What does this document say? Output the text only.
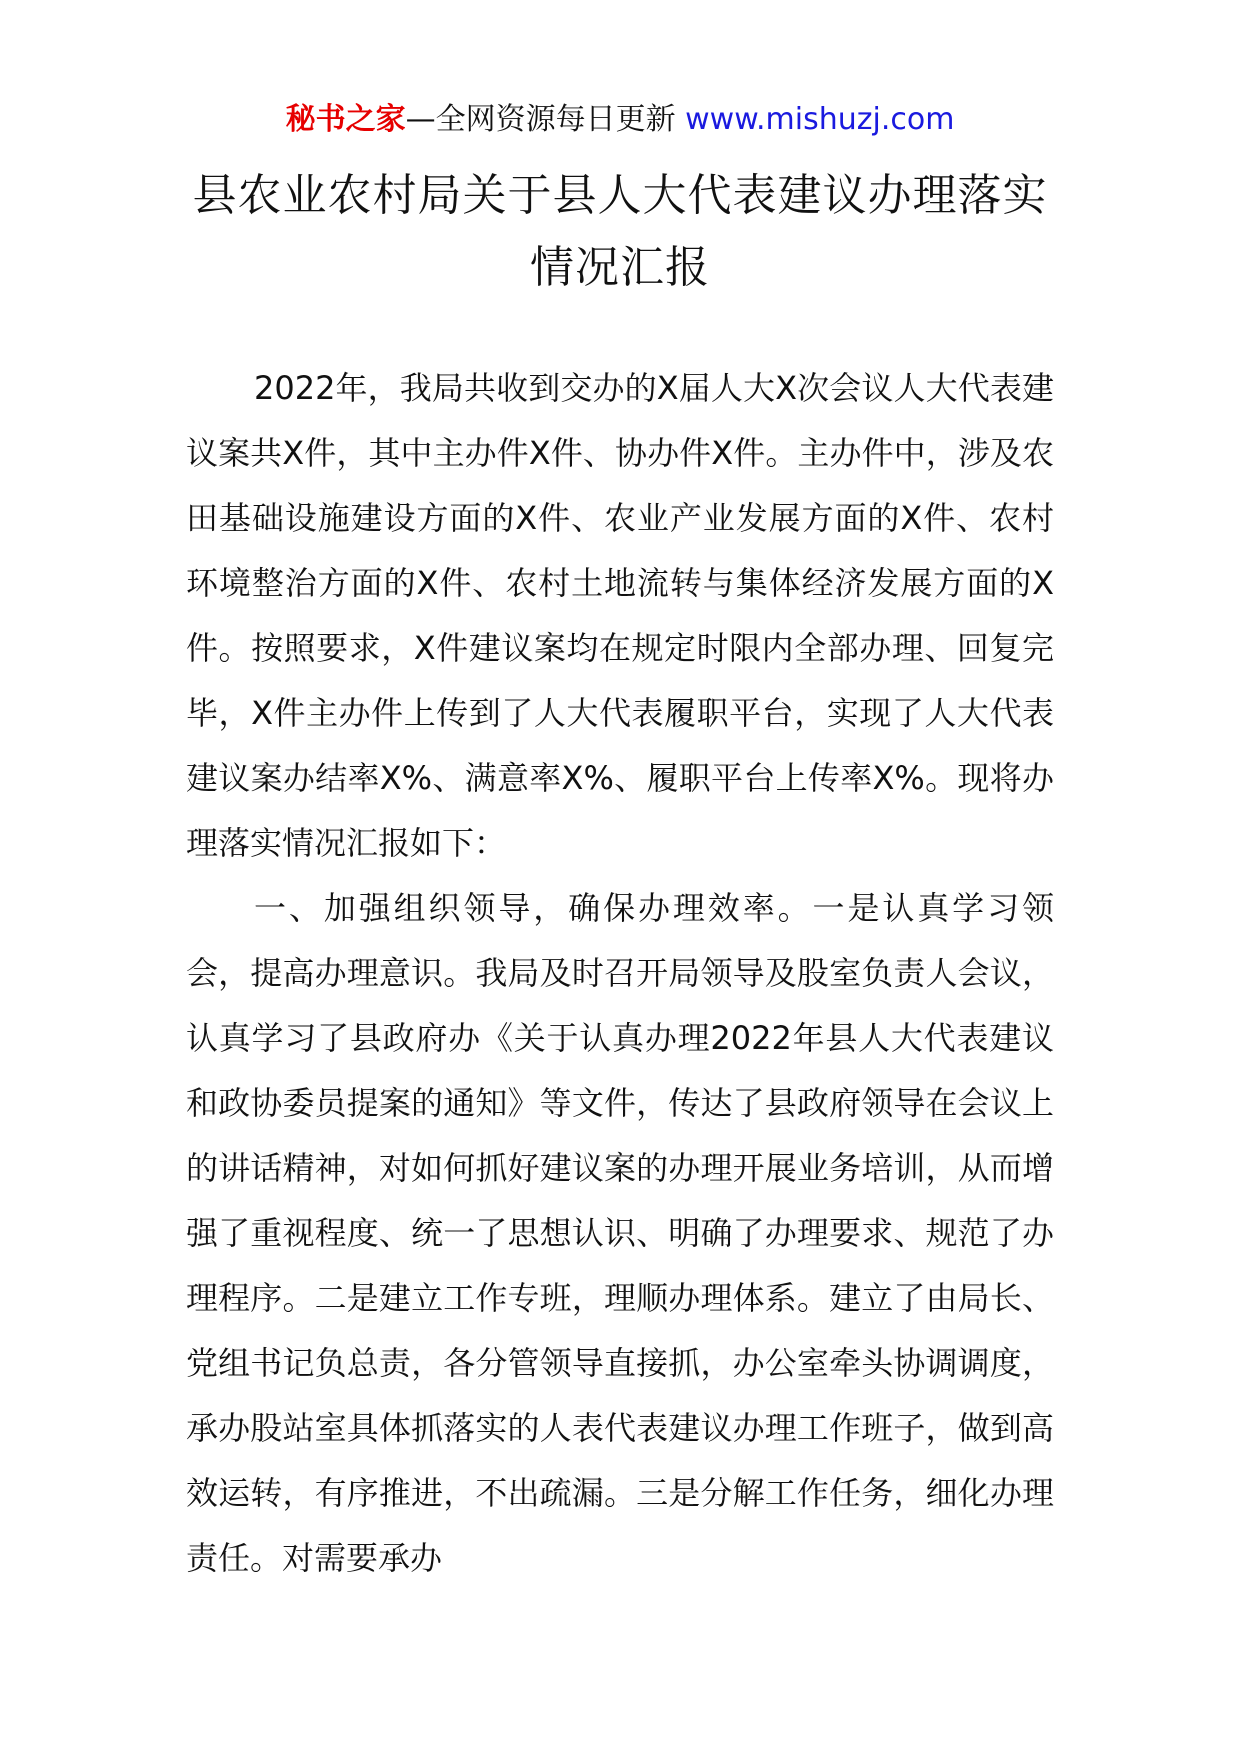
秘书之家—全网资源每日更新 www.mishuzj.com
县农业农村局关于县人大代表建议办理落实情况汇报

2022年，我局共收到交办的X届人大X次会议人大代表建议案共X件，其中主办件X件、协办件X件。主办件中，涉及农田基础设施建设方面的X件、农业产业发展方面的X件、农村环境整治方面的X件、农村土地流转与集体经济发展方面的X件。按照要求，X件建议案均在规定时限内全部办理、回复完毕，X件主办件上传到了人大代表履职平台，实现了人大代表建议案办结率X%、满意率X%、履职平台上传率X%。现将办理落实情况汇报如下：

一、加强组织领导，确保办理效率。一是认真学习领会，提高办理意识。我局及时召开局领导及股室负责人会议，认真学习了县政府办《关于认真办理2022年县人大代表建议和政协委员提案的通知》等文件，传达了县政府领导在会议上的讲话精神，对如何抓好建议案的办理开展业务培训，从而增强了重视程度、统一了思想认识、明确了办理要求、规范了办理程序。二是建立工作专班，理顺办理体系。建立了由局长、党组书记负总责，各分管领导直接抓，办公室牵头协调调度，承办股站室具体抓落实的人表代表建议办理工作班子，做到高效运转，有序推进，不出疏漏。三是分解工作任务，细化办理责任。对需要承办
